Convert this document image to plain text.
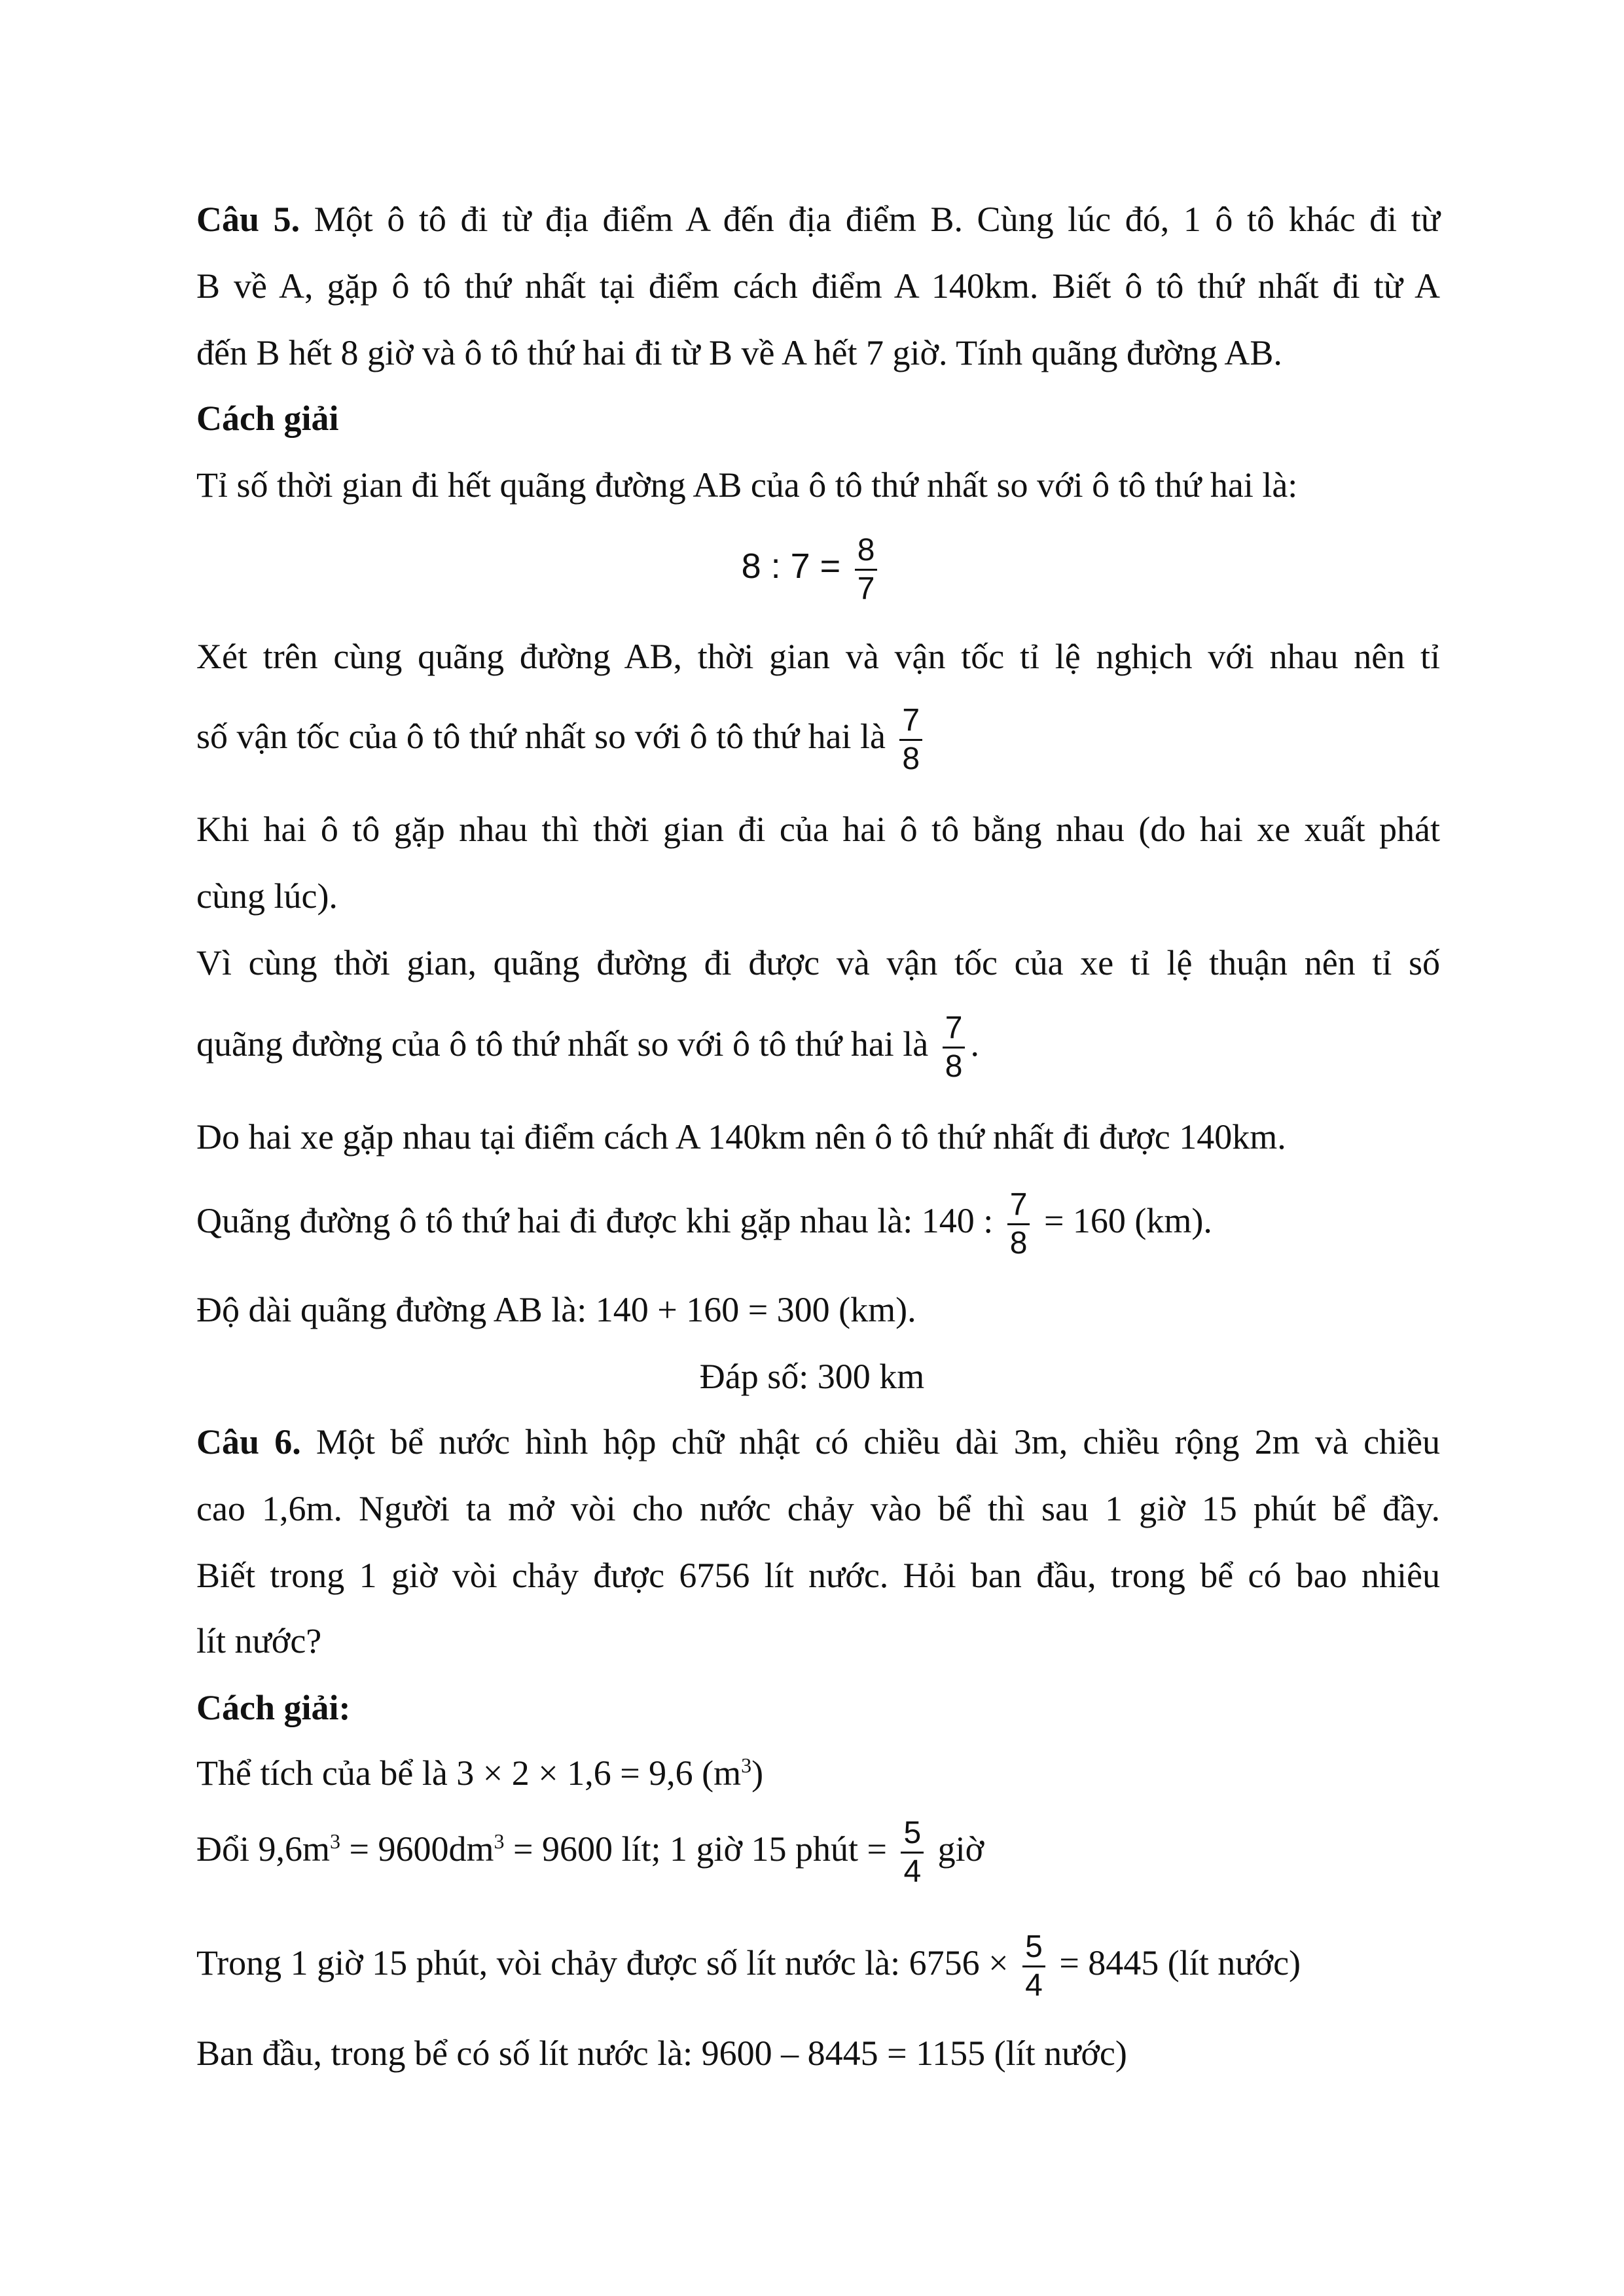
Câu 5. Một ô tô đi từ địa điểm A đến địa điểm B. Cùng lúc đó, 1 ô tô khác đi từ
B về A, gặp ô tô thứ nhất tại điểm cách điểm A 140km. Biết ô tô thứ nhất đi từ A
đến B hết 8 giờ và ô tô thứ hai đi từ B về A hết 7 giờ. Tính quãng đường AB.
Cách giải
Tỉ số thời gian đi hết quãng đường AB của ô tô thứ nhất so với ô tô thứ hai là:
8 : $7 = \frac{8}{7}$
Xét trên cùng quãng đường AB, thời gian và vận tốc tỉ lệ nghịch với nhau nên tỉ
số vận tốc của ô tô thứ nhất so với ô tô thứ hai là $\frac{7}{8}$
Khi hai ô tô gặp nhau thì thời gian đi của hai ô tô bằng nhau (do hai xe xuất phát
cùng lúc).
Vì cùng thời gian, quãng đường đi được và vận tốc của xe tỉ lệ thuận nên tỉ số
quãng đường của ô tô thứ nhất so với ô tô thứ hai là $\frac{7}{8}$ .
Do hai xe gặp nhau tại điểm cách A 140km nên ô tô thứ nhất đi được 140km.
Quãng đường ô tô thứ hai đi được khi gặp nhau là: 140 : $\frac{7}{8} = 160$ (km).
Độ dài quãng đường AB là: 140 + 160 = 300 (km).
Đáp số: 300 km
Câu 6. Một bể nước hình hộp chữ nhật có chiều dài 3m, chiều rộng 2m và chiều
cao 1,6m. Người ta mở vòi cho nước chảy vào bể thì sau 1 giờ 15 phút bể đầy.
Biết trong 1 giờ vòi chảy được 6756 lít nước. Hỏi ban đầu, trong bể có bao nhiêu
lít nước?
Cách giải:
Thể tích của bể là 3 × 2 × 1,6 = 9,6 $(m^3)$
Đổi $9,6m^3 = 9600dm^3 = 9600$ lít; 1 giờ 15 phút = $\frac{5}{4}$ giờ
Trong 1 giờ 15 phút, vòi chảy được số lít nước là: $6756 \times \frac{5}{4} = 8445$ (lít nước)
Ban đầu, trong bể có số lít nước là: 9600 – 8445 = 1155 (lít nước)
